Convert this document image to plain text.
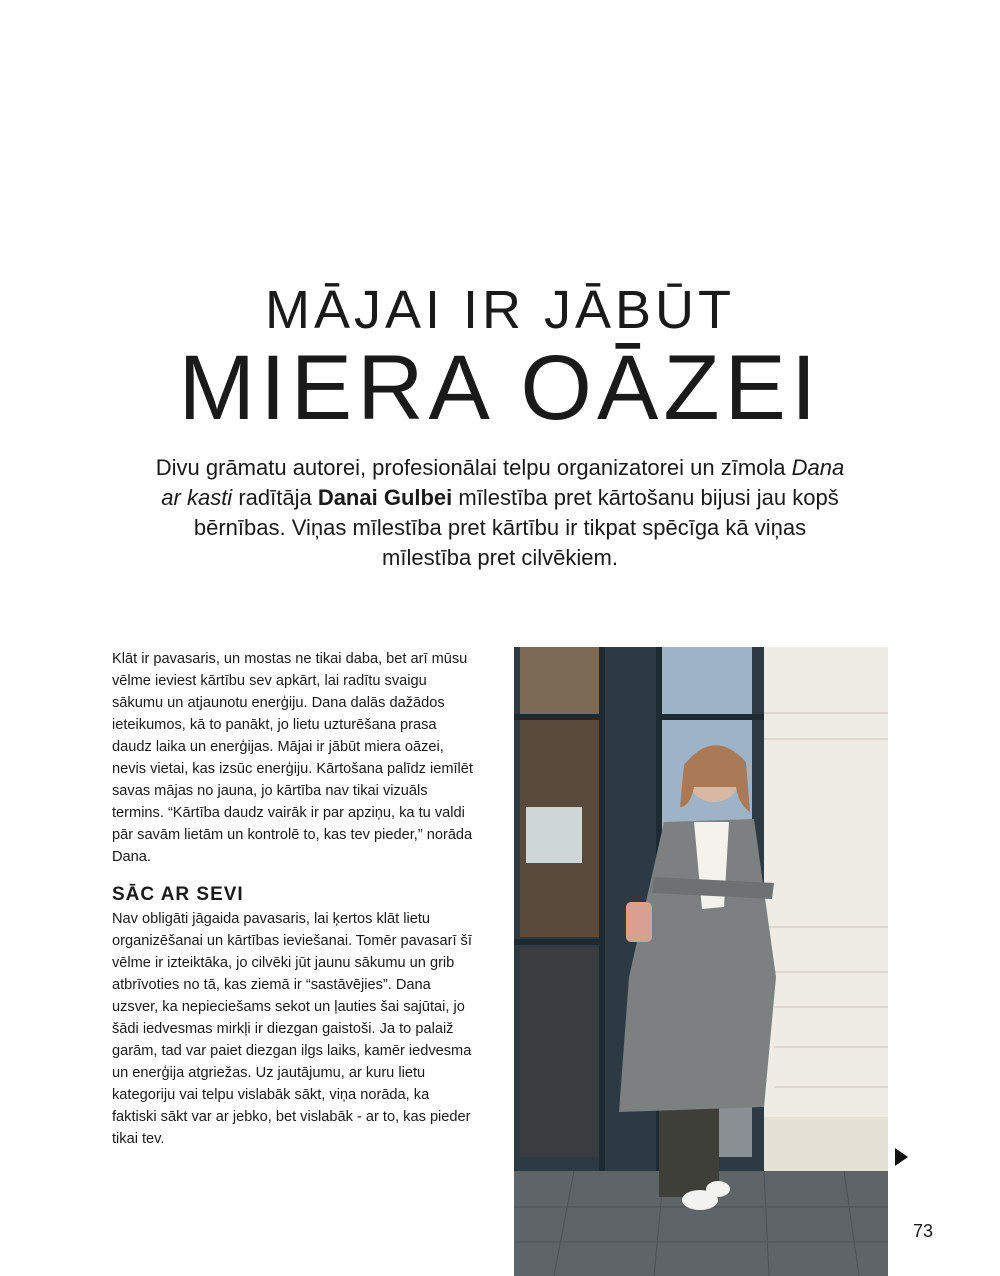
MĀJAI IR JĀBŪT
MIERA OĀZEI
Divu grāmatu autorei, profesionālai telpu organizatorei un zīmola Dana ar kasti radītāja Danai Gulbei mīlestība pret kārtošanu bijusi jau kopš bērnības. Viņas mīlestība pret kārtību ir tikpat spēcīga kā viņas mīlestība pret cilvēkiem.
Klāt ir pavasaris, un mostas ne tikai daba, bet arī mūsu vēlme ieviest kārtību sev apkārt, lai radītu svaigu sākumu un atjaunotu enerģiju. Dana dalās dažādos ieteikumos, kā to panākt, jo lietu uzturēšana prasa daudz laika un enerģijas. Mājai ir jābūt miera oāzei, nevis vietai, kas izsūc enerģiju. Kārtošana palīdz iemīlēt savas mājas no jauna, jo kārtība nav tikai vizuāls termins. “Kārtība daudz vairāk ir par apziņu, ka tu valdi pār savām lietām un kontrolē to, kas tev pieder,” norāda Dana.
SĀC AR SEVI
Nav obligāti jāgaida pavasaris, lai ķertos klāt lietu organizēšanai un kārtības ieviešanai. Tomēr pavasarī šī vēlme ir izteiktāka, jo cilvēki jūt jaunu sākumu un grib atbrīvoties no tā, kas ziemā ir “sastāvējies”. Dana uzsver, ka nepieciešams sekot un ļauties šai sajūtai, jo šādi iedvesmas mirkļi ir diezgan gaistoši. Ja to palaiž garām, tad var paiet diezgan ilgs laiks, kamēr iedvesma un enerģija atgriežas. Uz jautājumu, ar kuru lietu kategoriju vai telpu vislabāk sākt, viņa norāda, ka faktiski sākt var ar jebko, bet vislabāk - ar to, kas pieder tikai tev.
73
